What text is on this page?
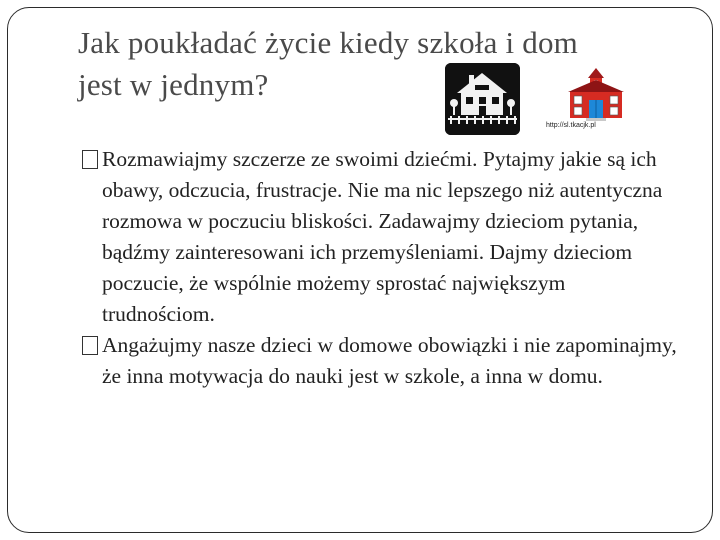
Jak poukładać życie kiedy szkoła i dom jest w jednym?
http://sl.tkacjk.pl

Rozmawiajmy szczerze ze swoimi dziećmi. Pytajmy jakie są ich obawy, odczucia, frustracje. Nie ma nic lepszego niż autentyczna rozmowa w poczuciu bliskości. Zadawajmy dzieciom pytania, bądźmy zainteresowani ich przemyśleniami. Dajmy dzieciom poczucie, że wspólnie możemy sprostać największym trudnościom.

Angażujmy nasze dzieci w domowe obowiązki i nie zapominajmy, że inna motywacja do nauki jest w szkole, a inna w domu.
